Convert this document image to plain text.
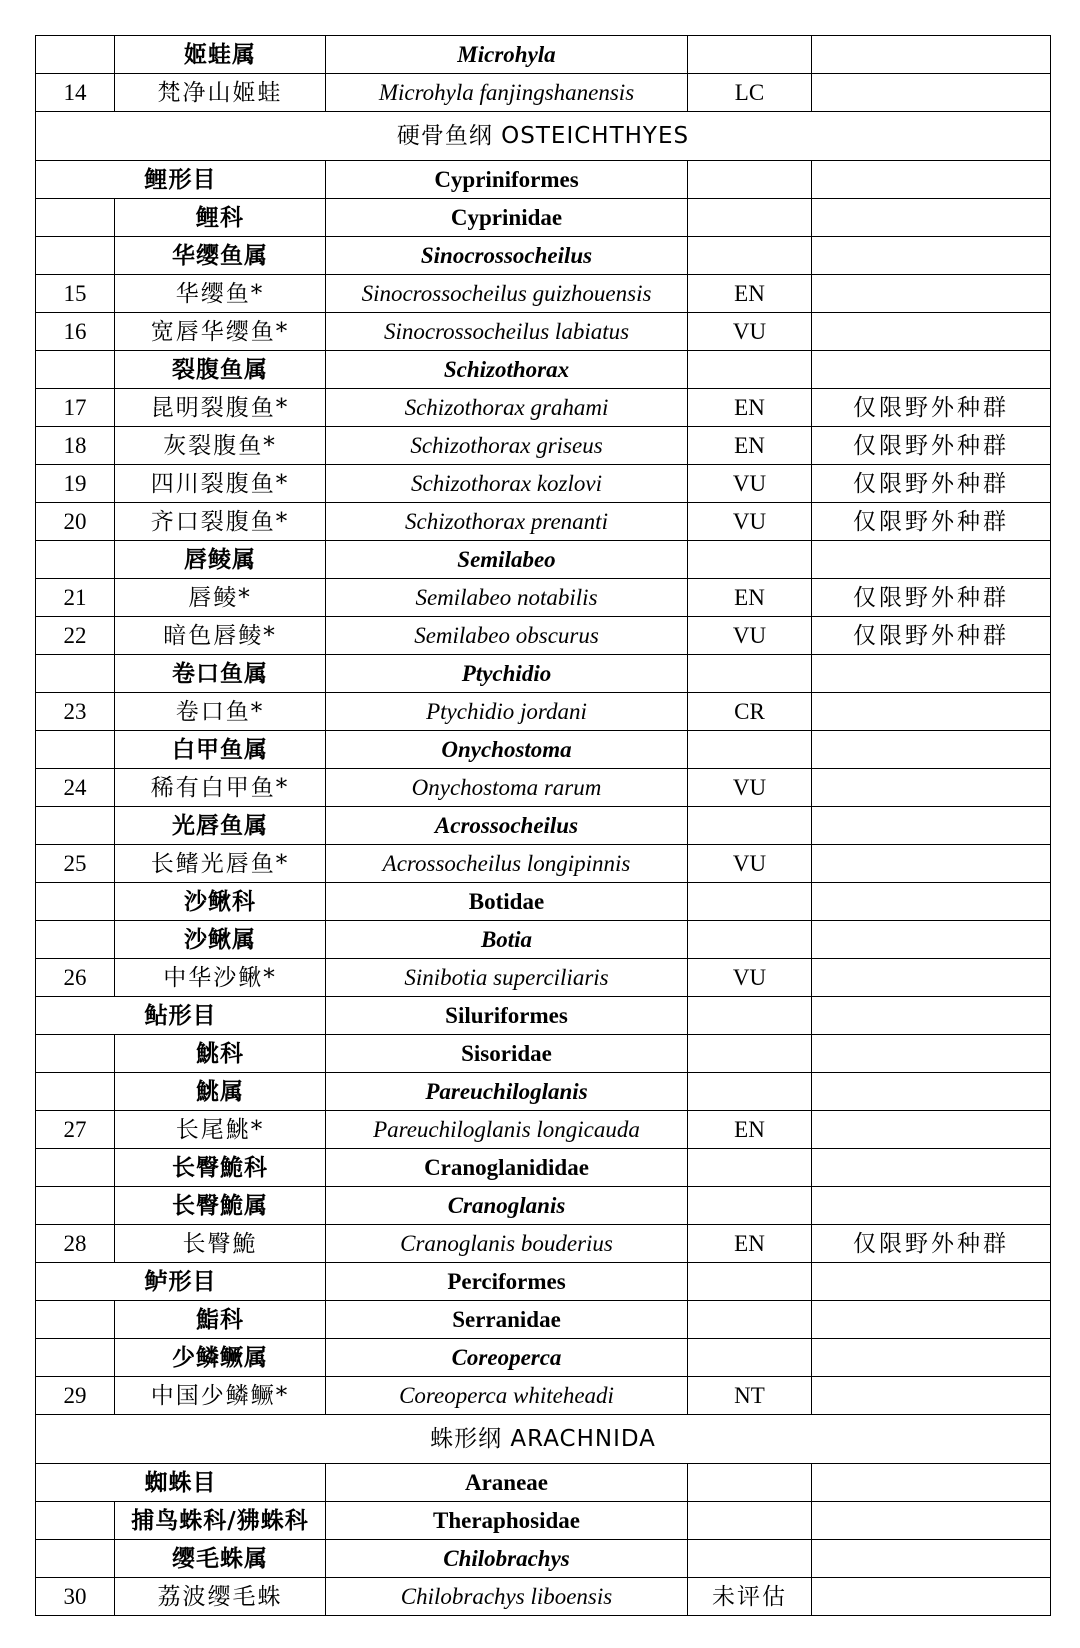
	姬蛙属	Microhyla		
14	梵净山姬蛙	Microhyla fanjingshanensis	LC	
硬骨鱼纲 OSTEICHTHYES				
鲤形目		Cypriniformes		
	鲤科	Cyprinidae		
	华缨鱼属	Sinocrossocheilus		
15	华缨鱼*	Sinocrossocheilus guizhouensis	EN	
16	宽唇华缨鱼*	Sinocrossocheilus labiatus	VU	
	裂腹鱼属	Schizothorax		
17	昆明裂腹鱼*	Schizothorax grahami	EN	仅限野外种群
18	灰裂腹鱼*	Schizothorax griseus	EN	仅限野外种群
19	四川裂腹鱼*	Schizothorax kozlovi	VU	仅限野外种群
20	齐口裂腹鱼*	Schizothorax prenanti	VU	仅限野外种群
	唇鲮属	Semilabeo		
21	唇鲮*	Semilabeo notabilis	EN	仅限野外种群
22	暗色唇鲮*	Semilabeo obscurus	VU	仅限野外种群
	卷口鱼属	Ptychidio		
23	卷口鱼*	Ptychidio jordani	CR	
	白甲鱼属	Onychostoma		
24	稀有白甲鱼*	Onychostoma rarum	VU	
	光唇鱼属	Acrossocheilus		
25	长鳍光唇鱼*	Acrossocheilus longipinnis	VU	
	沙鳅科	Botidae		
	沙鳅属	Botia		
26	中华沙鳅*	Sinibotia superciliaris	VU	
鲇形目		Siluriformes		
	鮡科	Sisoridae		
	鮡属	Pareuchiloglanis		
27	长尾鮡*	Pareuchiloglanis longicauda	EN	
	长臀鮠科	Cranoglanididae		
	长臀鮠属	Cranoglanis		
28	长臀鮠	Cranoglanis bouderius	EN	仅限野外种群
鲈形目		Perciformes		
	鮨科	Serranidae		
	少鳞鳜属	Coreoperca		
29	中国少鳞鳜*	Coreoperca whiteheadi	NT	
蛛形纲 ARACHNIDA				
蜘蛛目		Araneae		
	捕鸟蛛科/狒蛛科	Theraphosidae		
	缨毛蛛属	Chilobrachys		
30	荔波缨毛蛛	Chilobrachys liboensis	未评估	
